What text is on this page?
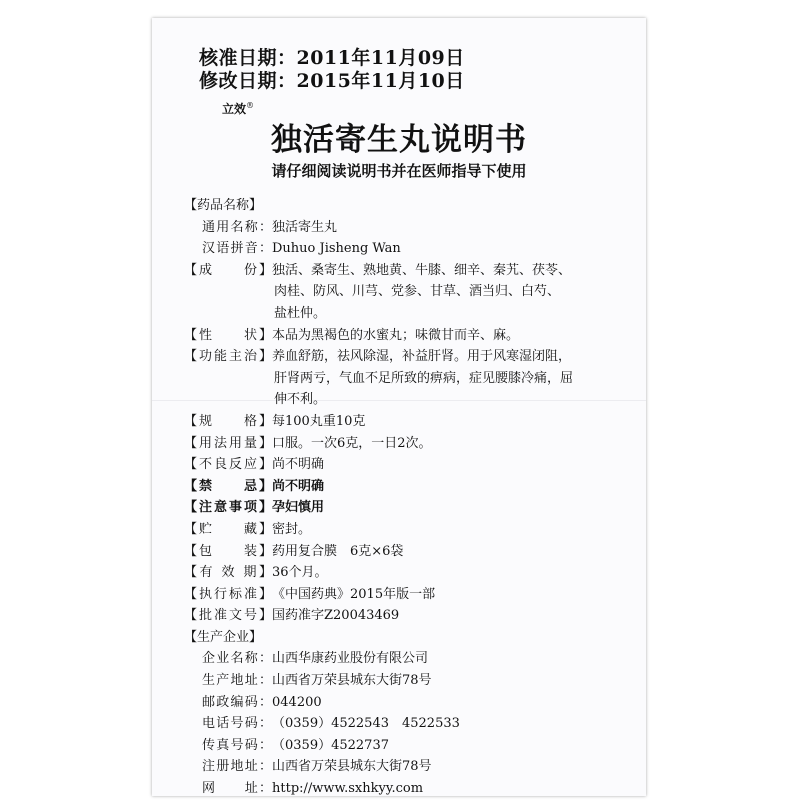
核准日期：2011年11月09日
修改日期：2015年11月10日
立效®
独活寄生丸说明书
请仔细阅读说明书并在医师指导下使用
【药品名称】
通用名称： 独活寄生丸
汉语拼音： Duhuo Jisheng Wan
【成　　份】 独活、桑寄生、熟地黄、牛膝、细辛、秦艽、茯苓、
肉桂、防风、川芎、党参、甘草、酒当归、白芍、
盐杜仲。
【性　　状】 本品为黑褐色的水蜜丸；味微甘而辛、麻。
【功能主治】 养血舒筋，祛风除湿，补益肝肾。用于风寒湿闭阻，
肝肾两亏，气血不足所致的痹病，症见腰膝冷痛，屈
伸不利。
【规　　格】 每100丸重10克
【用法用量】 口服。一次6克，一日2次。
【不良反应】 尚不明确
【禁　　忌】 尚不明确
【注意事项】 孕妇慎用
【贮　　藏】 密封。
【包　　装】 药用复合膜　6克×6袋
【有 效 期】 36个月。
【执行标准】 《中国药典》2015年版一部
【批准文号】 国药准字Z20043469
【生产企业】
企业名称： 山西华康药业股份有限公司
生产地址： 山西省万荣县城东大街78号
邮政编码： 044200
电话号码： （0359）4522543　4522533
传真号码： （0359）4522737
注册地址： 山西省万荣县城东大街78号
网　　址： http://www.sxhkyy.com
